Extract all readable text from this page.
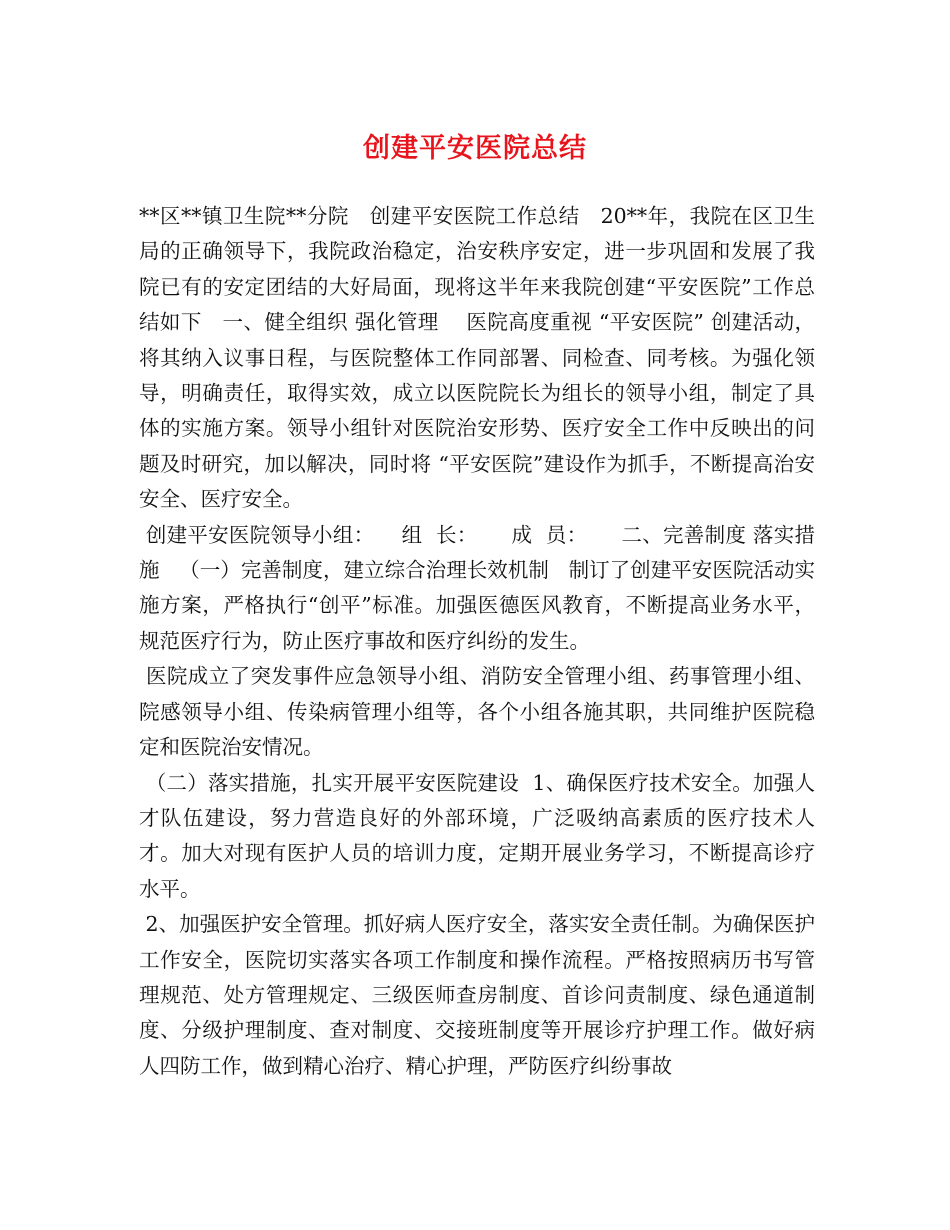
创建平安医院总结

**区**镇卫生院**分院   创建平安医院工作总结   20**年，我院在区卫生局的正确领导下，我院政治稳定，治安秩序安定，进一步巩固和发展了我院已有的安定团结的大好局面，现将这半年来我院创建“平安医院”工作总结如下   一、健全组织 强化管理    医院高度重视 “平安医院” 创建活动，将其纳入议事日程，与医院整体工作同部署、同检查、同考核。为强化领导，明确责任，取得实效，成立以医院院长为组长的领导小组，制定了具体的实施方案。领导小组针对医院治安形势、医疗安全工作中反映出的问题及时研究，加以解决，同时将 “平安医院”建设作为抓手，不断提高治安安全、医疗安全。

创建平安医院领导小组：    组  长：     成  员：     二、完善制度 落实措施   （一）完善制度，建立综合治理长效机制   制订了创建平安医院活动实施方案，严格执行“创平”标准。加强医德医风教育，不断提高业务水平，规范医疗行为，防止医疗事故和医疗纠纷的发生。

医院成立了突发事件应急领导小组、消防安全管理小组、药事管理小组、院感领导小组、传染病管理小组等，各个小组各施其职，共同维护医院稳定和医院治安情况。

（二）落实措施，扎实开展平安医院建设  1、确保医疗技术安全。加强人才队伍建设，努力营造良好的外部环境，广泛吸纳高素质的医疗技术人才。加大对现有医护人员的培训力度，定期开展业务学习，不断提高诊疗水平。

2、加强医护安全管理。抓好病人医疗安全，落实安全责任制。为确保医护工作安全，医院切实落实各项工作制度和操作流程。严格按照病历书写管理规范、处方管理规定、三级医师查房制度、首诊问责制度、绿色通道制度、分级护理制度、查对制度、交接班制度等开展诊疗护理工作。做好病人四防工作，做到精心治疗、精心护理，严防医疗纠纷事故
